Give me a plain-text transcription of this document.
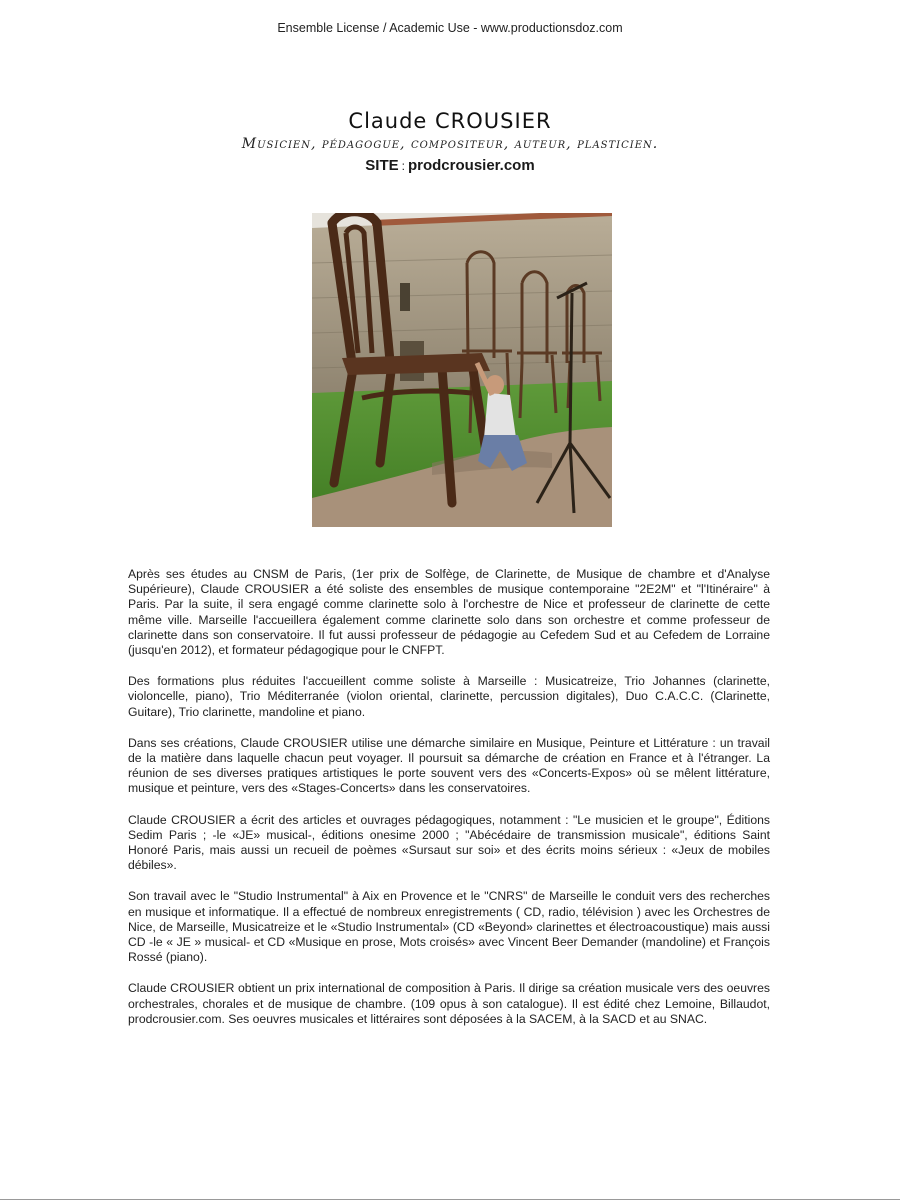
Ensemble License / Academic Use - www.productionsdoz.com
Claude CROUSIER
Musicien, pédagogue, compositeur, auteur, plasticien.
SITE : prodcrousier.com

Après ses études au CNSM de Paris, (1er prix de Solfège, de Clarinette, de Musique de chambre et d'Analyse Supérieure), Claude CROUSIER a été soliste des ensembles de musique contemporaine "2E2M" et "l'Itinéraire" à Paris. Par la suite, il sera engagé comme clarinette solo à l'orchestre de Nice et professeur de clarinette de cette même ville. Marseille l'accueillera également comme clarinette solo dans son orchestre et comme professeur de clarinette dans son conservatoire. Il fut aussi professeur de pédagogie au Cefedem Sud et au Cefedem de Lorraine (jusqu'en 2012), et formateur pédagogique pour le CNFPT.

Des formations plus réduites l'accueillent comme soliste à Marseille : Musicatreize, Trio Johannes (clarinette, violoncelle, piano), Trio Méditerranée (violon oriental, clarinette, percussion digitales), Duo C.A.C.C. (Clarinette, Guitare), Trio clarinette, mandoline et piano.

Dans ses créations, Claude CROUSIER utilise une démarche similaire en Musique, Peinture et Littérature : un travail de la matière dans laquelle chacun peut voyager. Il poursuit sa démarche de création en France et à l'étranger. La réunion de ses diverses pratiques artistiques le porte souvent vers des «Concerts-Expos» où se mêlent littérature, musique et peinture, vers des «Stages-Concerts» dans les conservatoires.

Claude CROUSIER a écrit des articles et ouvrages pédagogiques, notamment : "Le musicien et le groupe", Éditions Sedim Paris ; -le «JE» musical-, éditions onesime 2000 ; "Abécédaire de transmission musicale", éditions Saint Honoré Paris, mais aussi un recueil de poèmes «Sursaut sur soi» et des écrits moins sérieux : «Jeux de mobiles débiles».

Son travail avec le "Studio Instrumental" à Aix en Provence et le "CNRS" de Marseille le conduit vers des recherches en musique et informatique. Il a effectué de nombreux enregistrements ( CD, radio, télévision ) avec les Orchestres de Nice, de Marseille, Musicatreize et le «Studio Instrumental» (CD «Beyond» clarinettes et électroacoustique) mais aussi CD -le « JE » musical- et CD «Musique en prose, Mots croisés» avec Vincent Beer Demander (mandoline) et François Rossé (piano).

Claude CROUSIER obtient un prix international de composition à Paris. Il dirige sa création musicale vers des oeuvres orchestrales, chorales et de musique de chambre. (109 opus à son catalogue). Il est édité chez Lemoine, Billaudot, prodcrousier.com. Ses oeuvres musicales et littéraires sont déposées à la SACEM, à la SACD et au SNAC.
